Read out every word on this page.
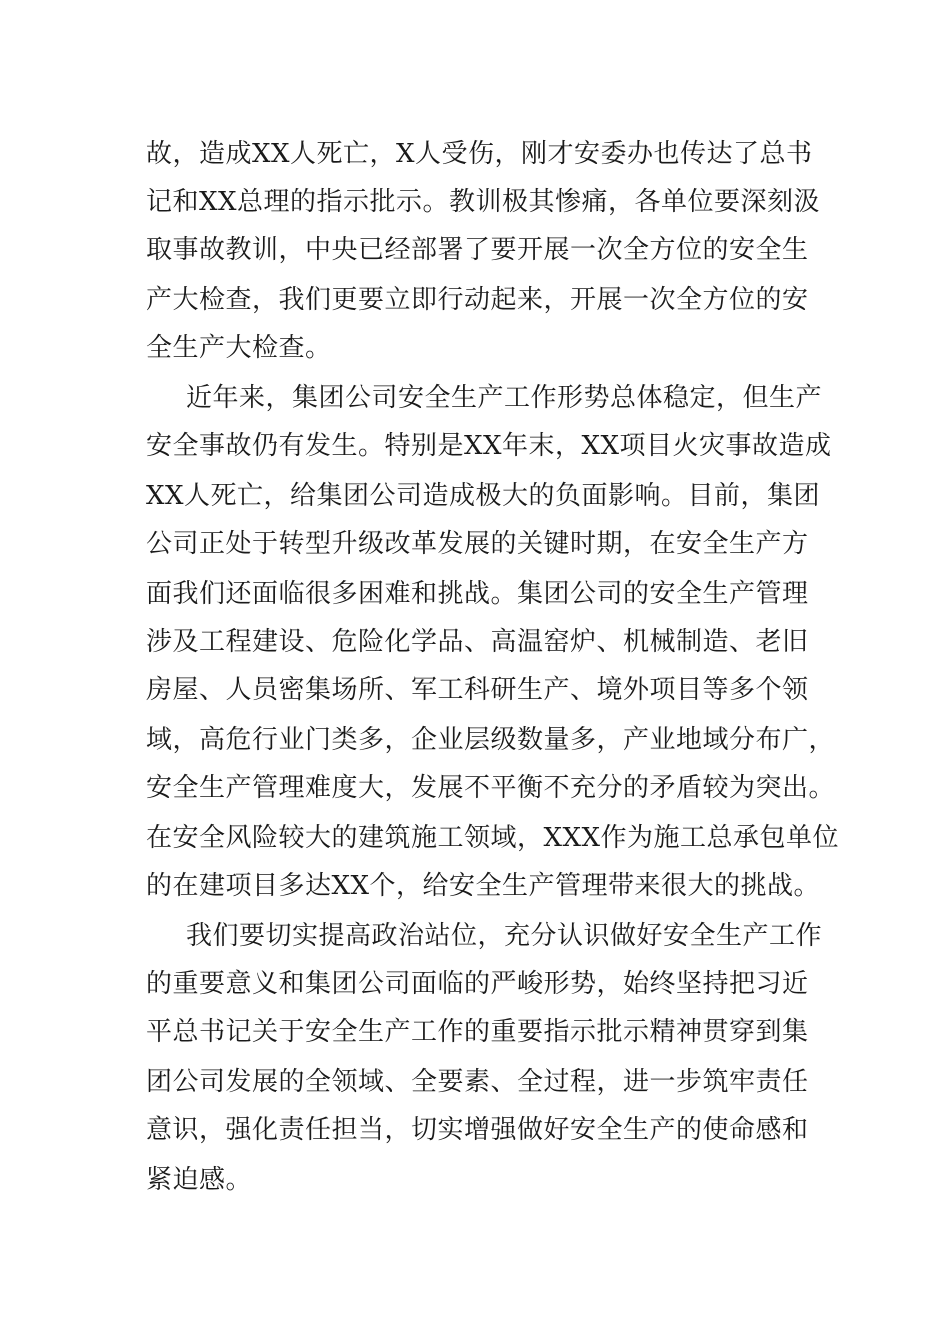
故，造成XX人死亡，X人受伤，刚才安委办也传达了总书
记和XX总理的指示批示。教训极其惨痛，各单位要深刻汲
取事故教训，中央已经部署了要开展一次全方位的安全生
产大检查，我们更要立即行动起来，开展一次全方位的安
全生产大检查。
近年来，集团公司安全生产工作形势总体稳定，但生产
安全事故仍有发生。特别是XX年末，XX项目火灾事故造成
XX人死亡，给集团公司造成极大的负面影响。目前，集团
公司正处于转型升级改革发展的关键时期，在安全生产方
面我们还面临很多困难和挑战。集团公司的安全生产管理
涉及工程建设、危险化学品、高温窑炉、机械制造、老旧
房屋、人员密集场所、军工科研生产、境外项目等多个领
域，高危行业门类多，企业层级数量多，产业地域分布广，
安全生产管理难度大，发展不平衡不充分的矛盾较为突出。
在安全风险较大的建筑施工领域，XXX作为施工总承包单位
的在建项目多达XX个，给安全生产管理带来很大的挑战。
我们要切实提高政治站位，充分认识做好安全生产工作
的重要意义和集团公司面临的严峻形势，始终坚持把习近
平总书记关于安全生产工作的重要指示批示精神贯穿到集
团公司发展的全领域、全要素、全过程，进一步筑牢责任
意识，强化责任担当，切实增强做好安全生产的使命感和
紧迫感。
